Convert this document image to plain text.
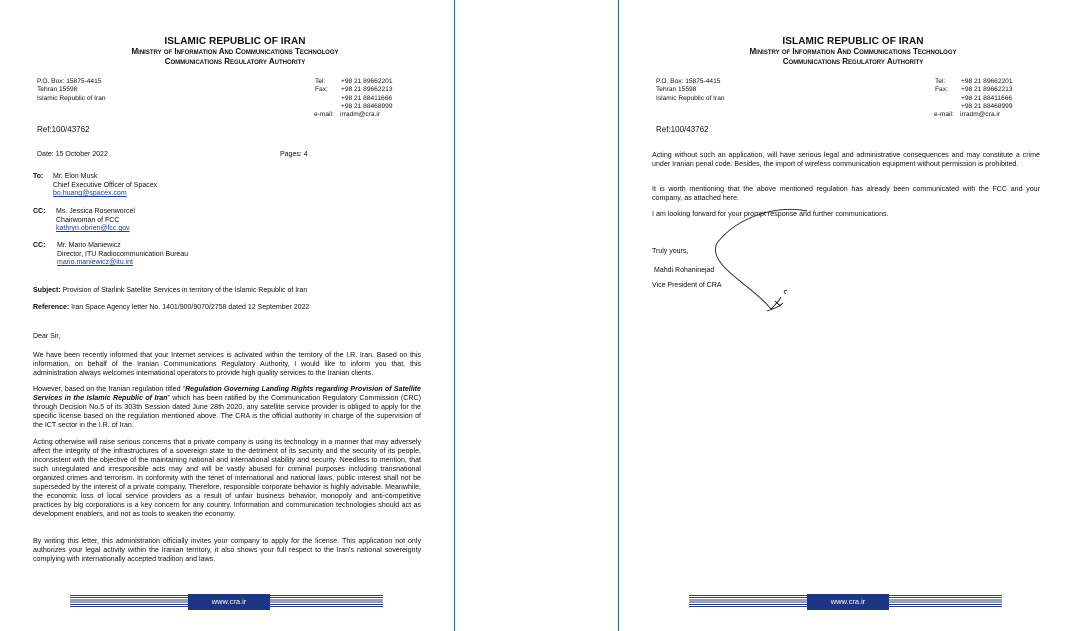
ISLAMIC REPUBLIC OF IRAN
Ministry of Information And Communications Technology
Communications Regulatory Authority
P.O. Box: 15875-4415
Tehran 15598
Islamic Republic of Iran
Tel:	+98 21 89662201
Fax:	+98 21 89662213
+98 21 88411666
+98 21 88468999
e-mail: irradm@cra.ir
Ref:100/43762
Date: 15 October 2022	Pages: 4
To: Mr. Elon Musk
Chief Executive Officer of Spacex
bo.huang@spacex.com
CC: Ms. Jessica Rosenworcel
Chairwoman of FCC
kathryn.obrien@fcc.gov
CC: Mr. Mario Maniewicz
Director, ITU Radiocommunication Bureau
mario.maniewicz@itu.int
Subject: Provision of Starlink Satellite Services in territory of the Islamic Republic of Iran
Reference: Iran Space Agency letter No. 1401/900/9070/2758 dated 12 September 2022
Dear Sir,

We have been recently informed that your Internet services is activated within the territory of the I.R. Iran. Based on this information, on behalf of the Iranian Communications Regulatory Authority, I would like to inform you that, this administration always welcomes international operators to provide high quality services to the Iranian clients.

However, based on the Iranian regulation titled “Regulation Governing Landing Rights regarding Provision of Satellite Services in the Islamic Republic of Iran” which has been ratified by the Communication Regulatory Commission (CRC) through Decision No.5 of its 303th Session dated June 28th 2020, any satellite service provider is obliged to apply for the specific license based on the regulation mentioned above. The CRA is the official authority in charge of the supervision of the ICT sector in the I.R. of Iran.

Acting otherwise will raise serious concerns that a private company is using its technology in a manner that may adversely affect the integrity of the infrastructures of a sovereign state to the detriment of its security and the security of its people, inconsistent with the objective of the maintaining national and international stability and security. Needless to mention, that such unregulated and irresponsible acts may and will be vastly abused for criminal purposes including transnational organized crimes and terrorism. In conformity with the tenet of international and national laws, public interest shall not be superseded by the interest of a private company. Therefore, responsible corporate behavior is highly advisable. Meanwhile, the economic loss of local service providers as a result of unfair business behavior, monopoly and anti-competitive practices by big corporations is a key concern for any country. Information and communication technologies should act as development enablers, and not as tools to weaken the economy.

By writing this letter, this administration officially invites your company to apply for the license. This application not only authorizes your legal activity within the Iranian territory, it also shows your full respect to the Iran’s national sovereignty complying with internationally accepted tradition and laws.

www.cra.ir
ISLAMIC REPUBLIC OF IRAN
Ministry of Information And Communications Technology
Communications Regulatory Authority
P.O. Box: 15875-4415
Tehran 15598
Islamic Republic of Iran
Tel:	+98 21 89662201
Fax:	+98 21 89662213
+98 21 88411666
+98 21 88468999
e-mail: irradm@cra.ir
Ref:100/43762

Acting without such an application, will have serious legal and administrative consequences and may constitute a crime under Iranian penal code. Besides, the import of wireless communication equipment without permission is prohibited.

It is worth mentioning that the above mentioned regulation has already been communicated with the FCC and your company, as attached here.

I am looking forward for your prompt response and further communications.

Truly yours,
Mahdi Rohaninejad
Vice President of CRA
www.cra.ir
